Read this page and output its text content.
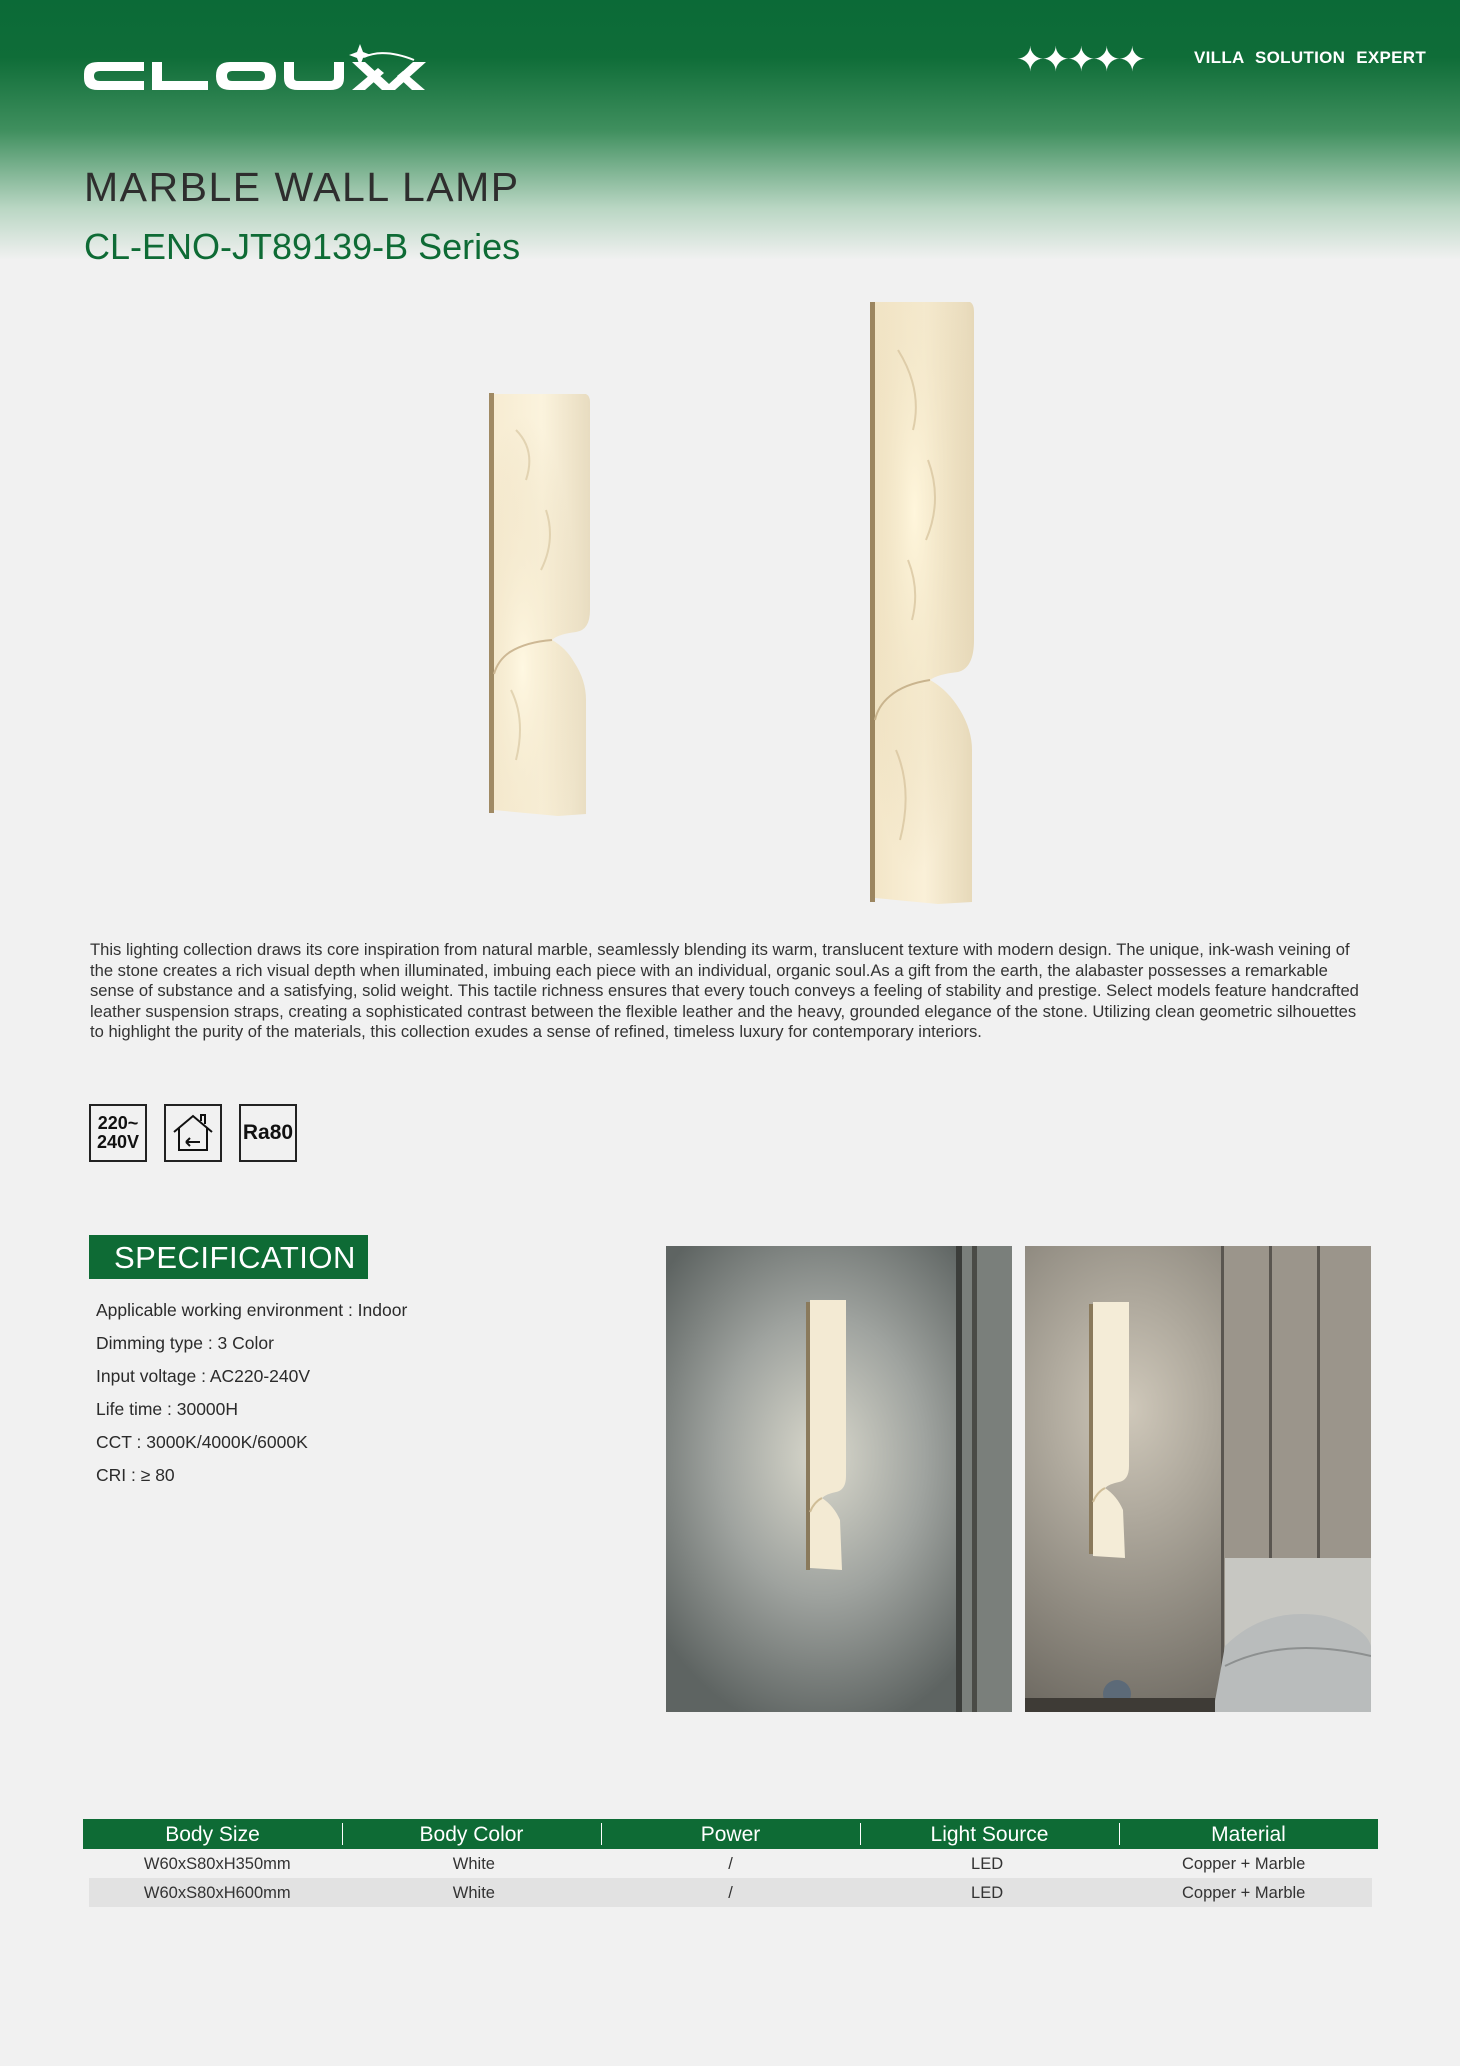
✦✦✦✦✦	VILLA SOLUTION EXPERT
MARBLE WALL LAMP
CL-ENO-JT89139-B Series

This lighting collection draws its core inspiration from natural marble, seamlessly blending its warm, translucent texture with modern design. The unique, ink-wash veining of the stone creates a rich visual depth when illuminated, imbuing each piece with an individual, organic soul.As a gift from the earth, the alabaster possesses a remarkable sense of substance and a satisfying, solid weight. This tactile richness ensures that every touch conveys a feeling of stability and prestige. Select models feature handcrafted leather suspension straps, creating a sophisticated contrast between the flexible leather and the heavy, grounded elegance of the stone. Utilizing clean geometric silhouettes to highlight the purity of the materials, this collection exudes a sense of refined, timeless luxury for contemporary interiors.

220~
240V	Ra80
SPECIFICATION
Applicable working environment : Indoor
Dimming type : 3 Color
Input voltage : AC220-240V
Life time : 30000H
CCT : 3000K/4000K/6000K
CRI : ≥ 80
Body Size	Body Color	Power	Light Source	Material
W60xS80xH350mm	White	/	LED	Copper + Marble
W60xS80xH600mm	White	/	LED	Copper + Marble
